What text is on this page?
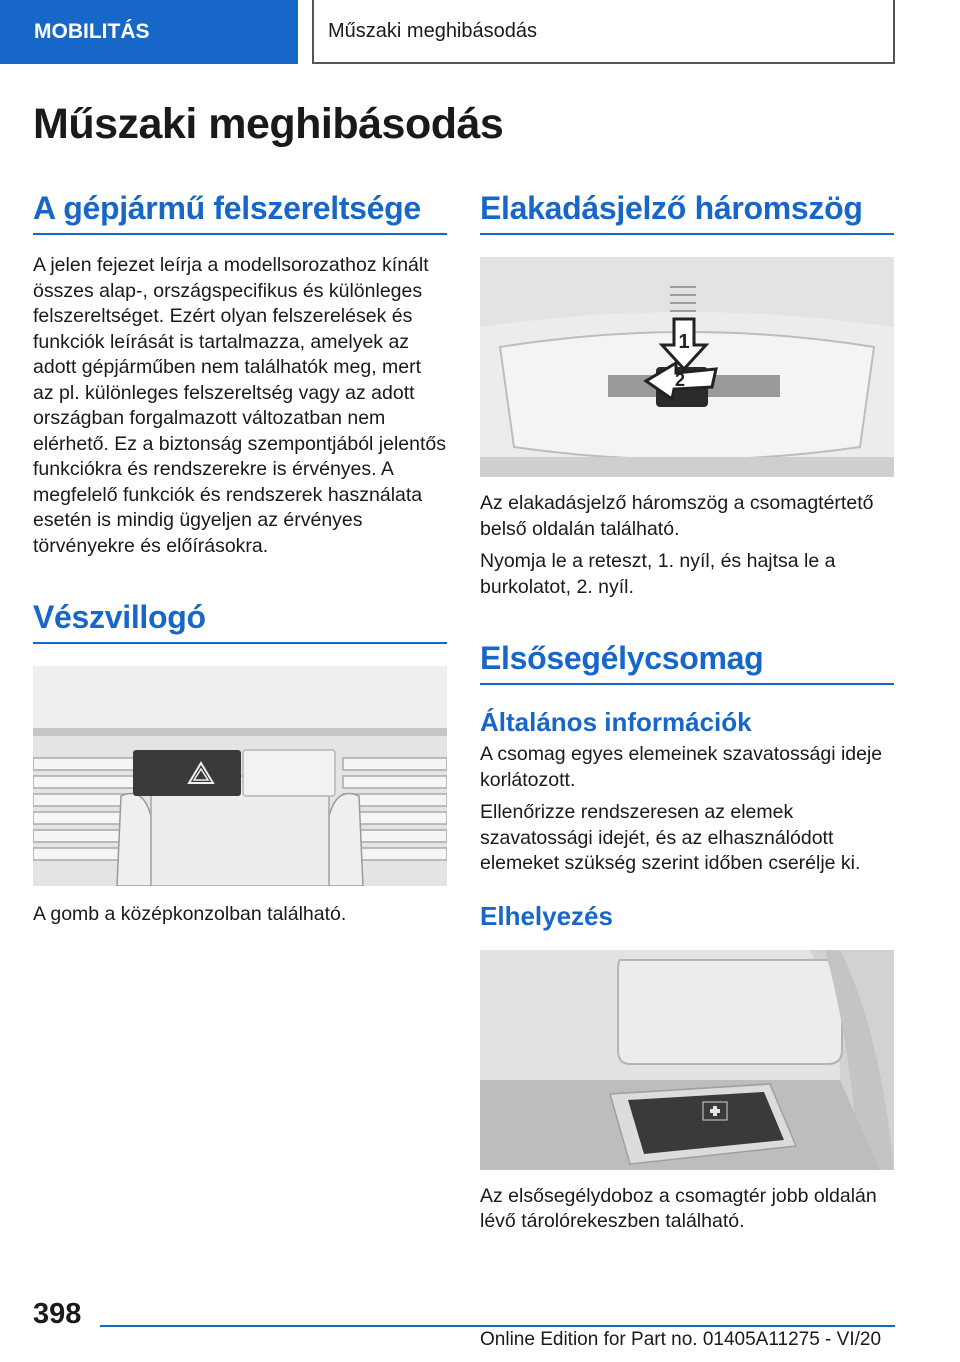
MOBILITÁS	Műszaki meghibásodás
Műszaki meghibásodás
A gépjármű felszereltsége

A jelen fejezet leírja a modellsorozathoz kínált összes alap-, országspecifikus és különleges felszereltséget. Ezért olyan felszerelések és funkciók leírását is tartalmazza, amelyek az adott gépjárműben nem találhatók meg, mert az pl. különleges felszereltség vagy az adott országban forgalmazott változatban nem elérhető. Ez a biztonság szempontjából jelentős funkciókra és rendszerekre is érvényes. A megfelelő funkciók és rendszerek használata esetén is mindig ügyeljen az érvényes törvényekre és előírásokra.

Vészvillogó

A gomb a középkonzolban található.

Elakadásjelző háromszög
1
2

Az elakadásjelző háromszög a csomagtértető belső oldalán található.

Nyomja le a reteszt, 1. nyíl, és hajtsa le a burkolatot, 2. nyíl.

Elsősegélycsomag
Általános információk

A csomag egyes elemeinek szavatossági ideje korlátozott.

Ellenőrizze rendszeresen az elemek szavatossági idejét, és az elhasználódott elemeket szükség szerint időben cserélje ki.

Elhelyezés

Az elsősegélydoboz a csomagtér jobb oldalán lévő tárolórekeszben található.

398
Online Edition for Part no. 01405A11275 - VI/20
